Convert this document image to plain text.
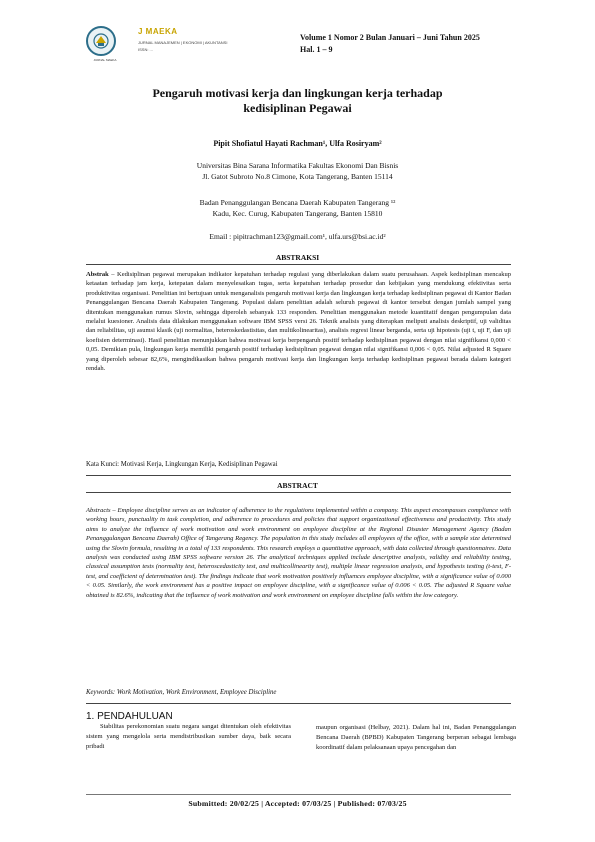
JURNAL MAEKA
J MAEKA
JURNAL MANAJEMEN | EKONOMI | AKUNTANSI
ISSN: ...
Volume 1 Nomor 2 Bulan Januari – Juni Tahun 2025
Hal. 1 – 9
Pengaruh motivasi kerja dan lingkungan kerja terhadap
kedisiplinan Pegawai
Pipit Shofiatul Hayati Rachman¹, Ulfa Rosiryam²
Universitas Bina Sarana Informatika Fakultas Ekonomi Dan Bisnis
Jl. Gatot Subroto No.8 Cimone, Kota Tangerang, Banten 15114
Badan Penanggulangan Bencana Daerah Kabupaten Tangerang ¹²
Kadu, Kec. Curug, Kabupaten Tangerang, Banten 15810
Email : pipitrachman123@gmail.com¹, ulfa.urs@bsi.ac.id²
ABSTRAKSI
Abstrak – Kedisiplinan pegawai merupakan indikator kepatuhan terhadap regulasi yang diberlakukan dalam suatu perusahaan. Aspek kedisiplinan mencakup ketaatan terhadap jam kerja, ketepatan dalam menyelesaikan tugas, serta kepatuhan terhadap prosedur dan kebijakan yang mendukung efektivitas serta produktivitas organisasi. Penelitian ini bertujuan untuk menganalisis pengaruh motivasi kerja dan lingkungan kerja terhadap kedisiplinan pegawai di Kantor Badan Penanggulangan Bencana Daerah Kabupaten Tangerang. Populasi dalam penelitian adalah seluruh pegawai di kantor tersebut dengan jumlah sampel yang ditentukan menggunakan rumus Slovin, sehingga diperoleh sebanyak 133 responden. Penelitian menggunakan metode kuantitatif dengan pengumpulan data melalui kuesioner. Analisis data dilakukan menggunakan software IBM SPSS versi 26. Teknik analisis yang diterapkan meliputi analisis deskriptif, uji validitas dan reliabilitas, uji asumsi klasik (uji normalitas, heteroskedastisitas, dan multikolinearitas), analisis regresi linear berganda, serta uji hipotesis (uji t, uji F, dan uji koefisien determinasi). Hasil penelitian menunjukkan bahwa motivasi kerja berpengaruh positif terhadap kedisiplinan pegawai dengan nilai signifikansi 0,000 < 0,05. Demikian pula, lingkungan kerja memiliki pengaruh positif terhadap kedisiplinan pegawai dengan nilai signifikansi 0,006 < 0,05. Nilai adjusted R Square yang diperoleh sebesar 82,6%, mengindikasikan bahwa pengaruh motivasi kerja dan lingkungan kerja terhadap kedisiplinan pegawai berada dalam kategori rendah.
Kata Kunci: Motivasi Kerja, Lingkungan Kerja, Kedisiplinan Pegawai
ABSTRACT
Abstracts – Employee discipline serves as an indicator of adherence to the regulations implemented within a company. This aspect encompasses compliance with working hours, punctuality in task completion, and adherence to procedures and policies that support organizational effectiveness and productivity. This study aims to analyze the influence of work motivation and work environment on employee discipline at the Regional Disaster Management Agency (Badan Penanggulangan Bencana Daerah) Office of Tangerang Regency. The population in this study includes all employees of the office, with a sample size determined using the Slovin formula, resulting in a total of 133 respondents. This research employs a quantitative approach, with data collected through questionnaires. Data analysis was conducted using IBM SPSS software version 26. The analytical techniques applied include descriptive analysis, validity and reliability testing, classical assumption tests (normality test, heteroscedasticity test, and multicollinearity test), multiple linear regression analysis, and hypothesis testing (t-test, F-test, and coefficient of determination test). The findings indicate that work motivation positively influences employee discipline, with a significance value of 0.000 < 0.05. Similarly, the work environment has a positive impact on employee discipline, with a significance value of 0.006 < 0.05. The adjusted R Square value obtained is 82.6%, indicating that the influence of work motivation and work environment on employee discipline falls within the low category.
Keywords: Work Motivation, Work Environment, Employee Discipline
1. PENDAHULUAN
Stabilitas perekonomian suatu negara sangat ditentukan oleh efektivitas sistem yang mengelola serta mendistribusikan sumber daya, baik secara pribadi
maupun organisasi (Helbay, 2021). Dalam hal ini, Badan Penanggulangan Bencana Daerah (BPBD) Kabupaten Tangerang berperan sebagai lembaga koordinatif dalam pelaksanaan upaya pencegahan dan
Submitted: 20/02/25 | Accepted: 07/03/25 | Published: 07/03/25
